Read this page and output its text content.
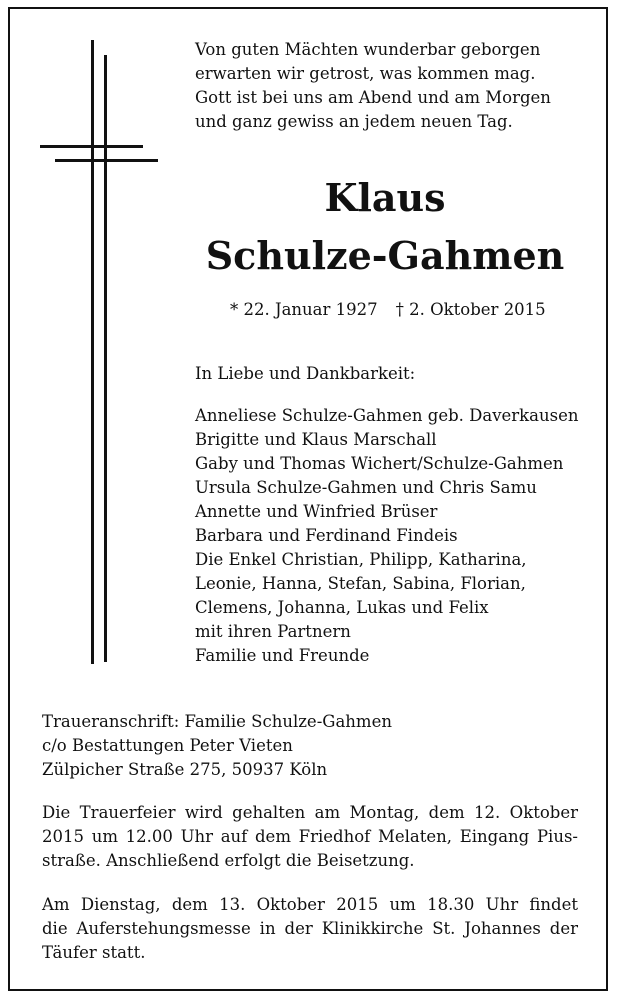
Von guten Mächten wunderbar geborgen
erwarten wir getrost, was kommen mag.
Gott ist bei uns am Abend und am Morgen
und ganz gewiss an jedem neuen Tag.
Klaus
Schulze-Gahmen
* 22. Januar 1927 † 2. Oktober 2015
In Liebe und Dankbarkeit:
Anneliese Schulze-Gahmen geb. Daverkausen
Brigitte und Klaus Marschall
Gaby und Thomas Wichert/Schulze-Gahmen
Ursula Schulze-Gahmen und Chris Samu
Annette und Winfried Brüser
Barbara und Ferdinand Findeis
Die Enkel Christian, Philipp, Katharina,
Leonie, Hanna, Stefan, Sabina, Florian,
Clemens, Johanna, Lukas und Felix
mit ihren Partnern
Familie und Freunde
Traueranschrift: Familie Schulze-Gahmen
c/o Bestattungen Peter Vieten
Zülpicher Straße 275, 50937 Köln
Die Trauerfeier wird gehalten am Montag, dem 12. Oktober
2015 um 12.00 Uhr auf dem Friedhof Melaten, Eingang Pius-
straße. Anschließend erfolgt die Beisetzung.
Am Dienstag, dem 13. Oktober 2015 um 18.30 Uhr findet
die Auferstehungsmesse in der Klinikkirche St. Johannes der
Täufer statt.
